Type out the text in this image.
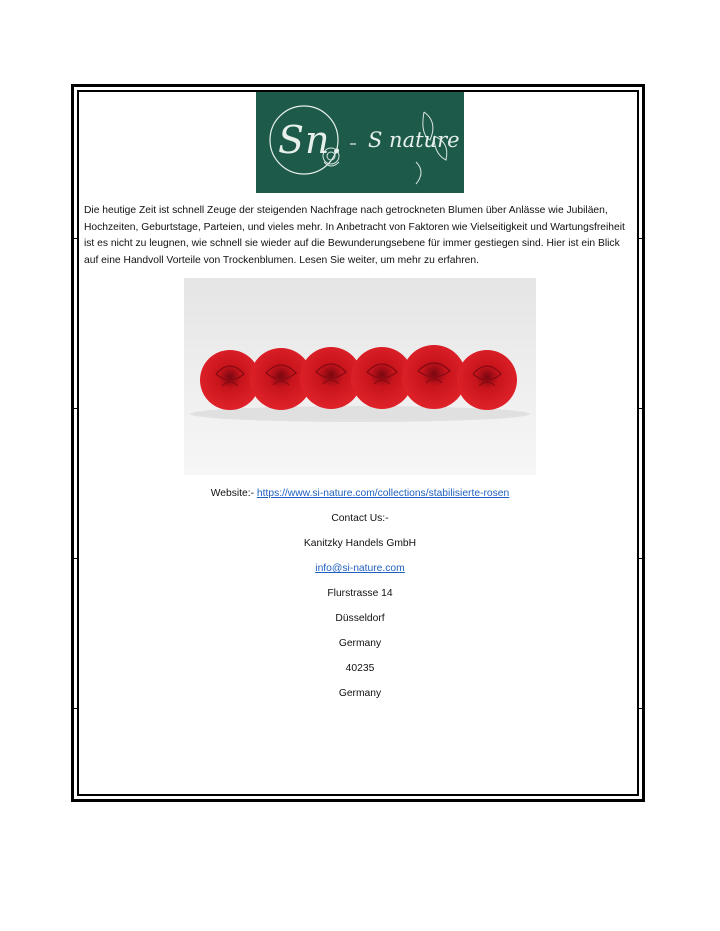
Sn. S nature

Die heutige Zeit ist schnell Zeuge der steigenden Nachfrage nach getrockneten Blumen über Anlässe wie Jubiläen, Hochzeiten, Geburtstage, Parteien, und vieles mehr. In Anbetracht von Faktoren wie Vielseitigkeit und Wartungsfreiheit ist es nicht zu leugnen, wie schnell sie wieder auf die Bewunderungsebene für immer gestiegen sind. Hier ist ein Blick auf eine Handvoll Vorteile von Trockenblumen. Lesen Sie weiter, um mehr zu erfahren.

Website:- https://www.si-nature.com/collections/stabilisierte-rosen
Contact Us:-
Kanitzky Handels GmbH
info@si-nature.com
Flurstrasse 14
Düsseldorf
Germany
40235
Germany
